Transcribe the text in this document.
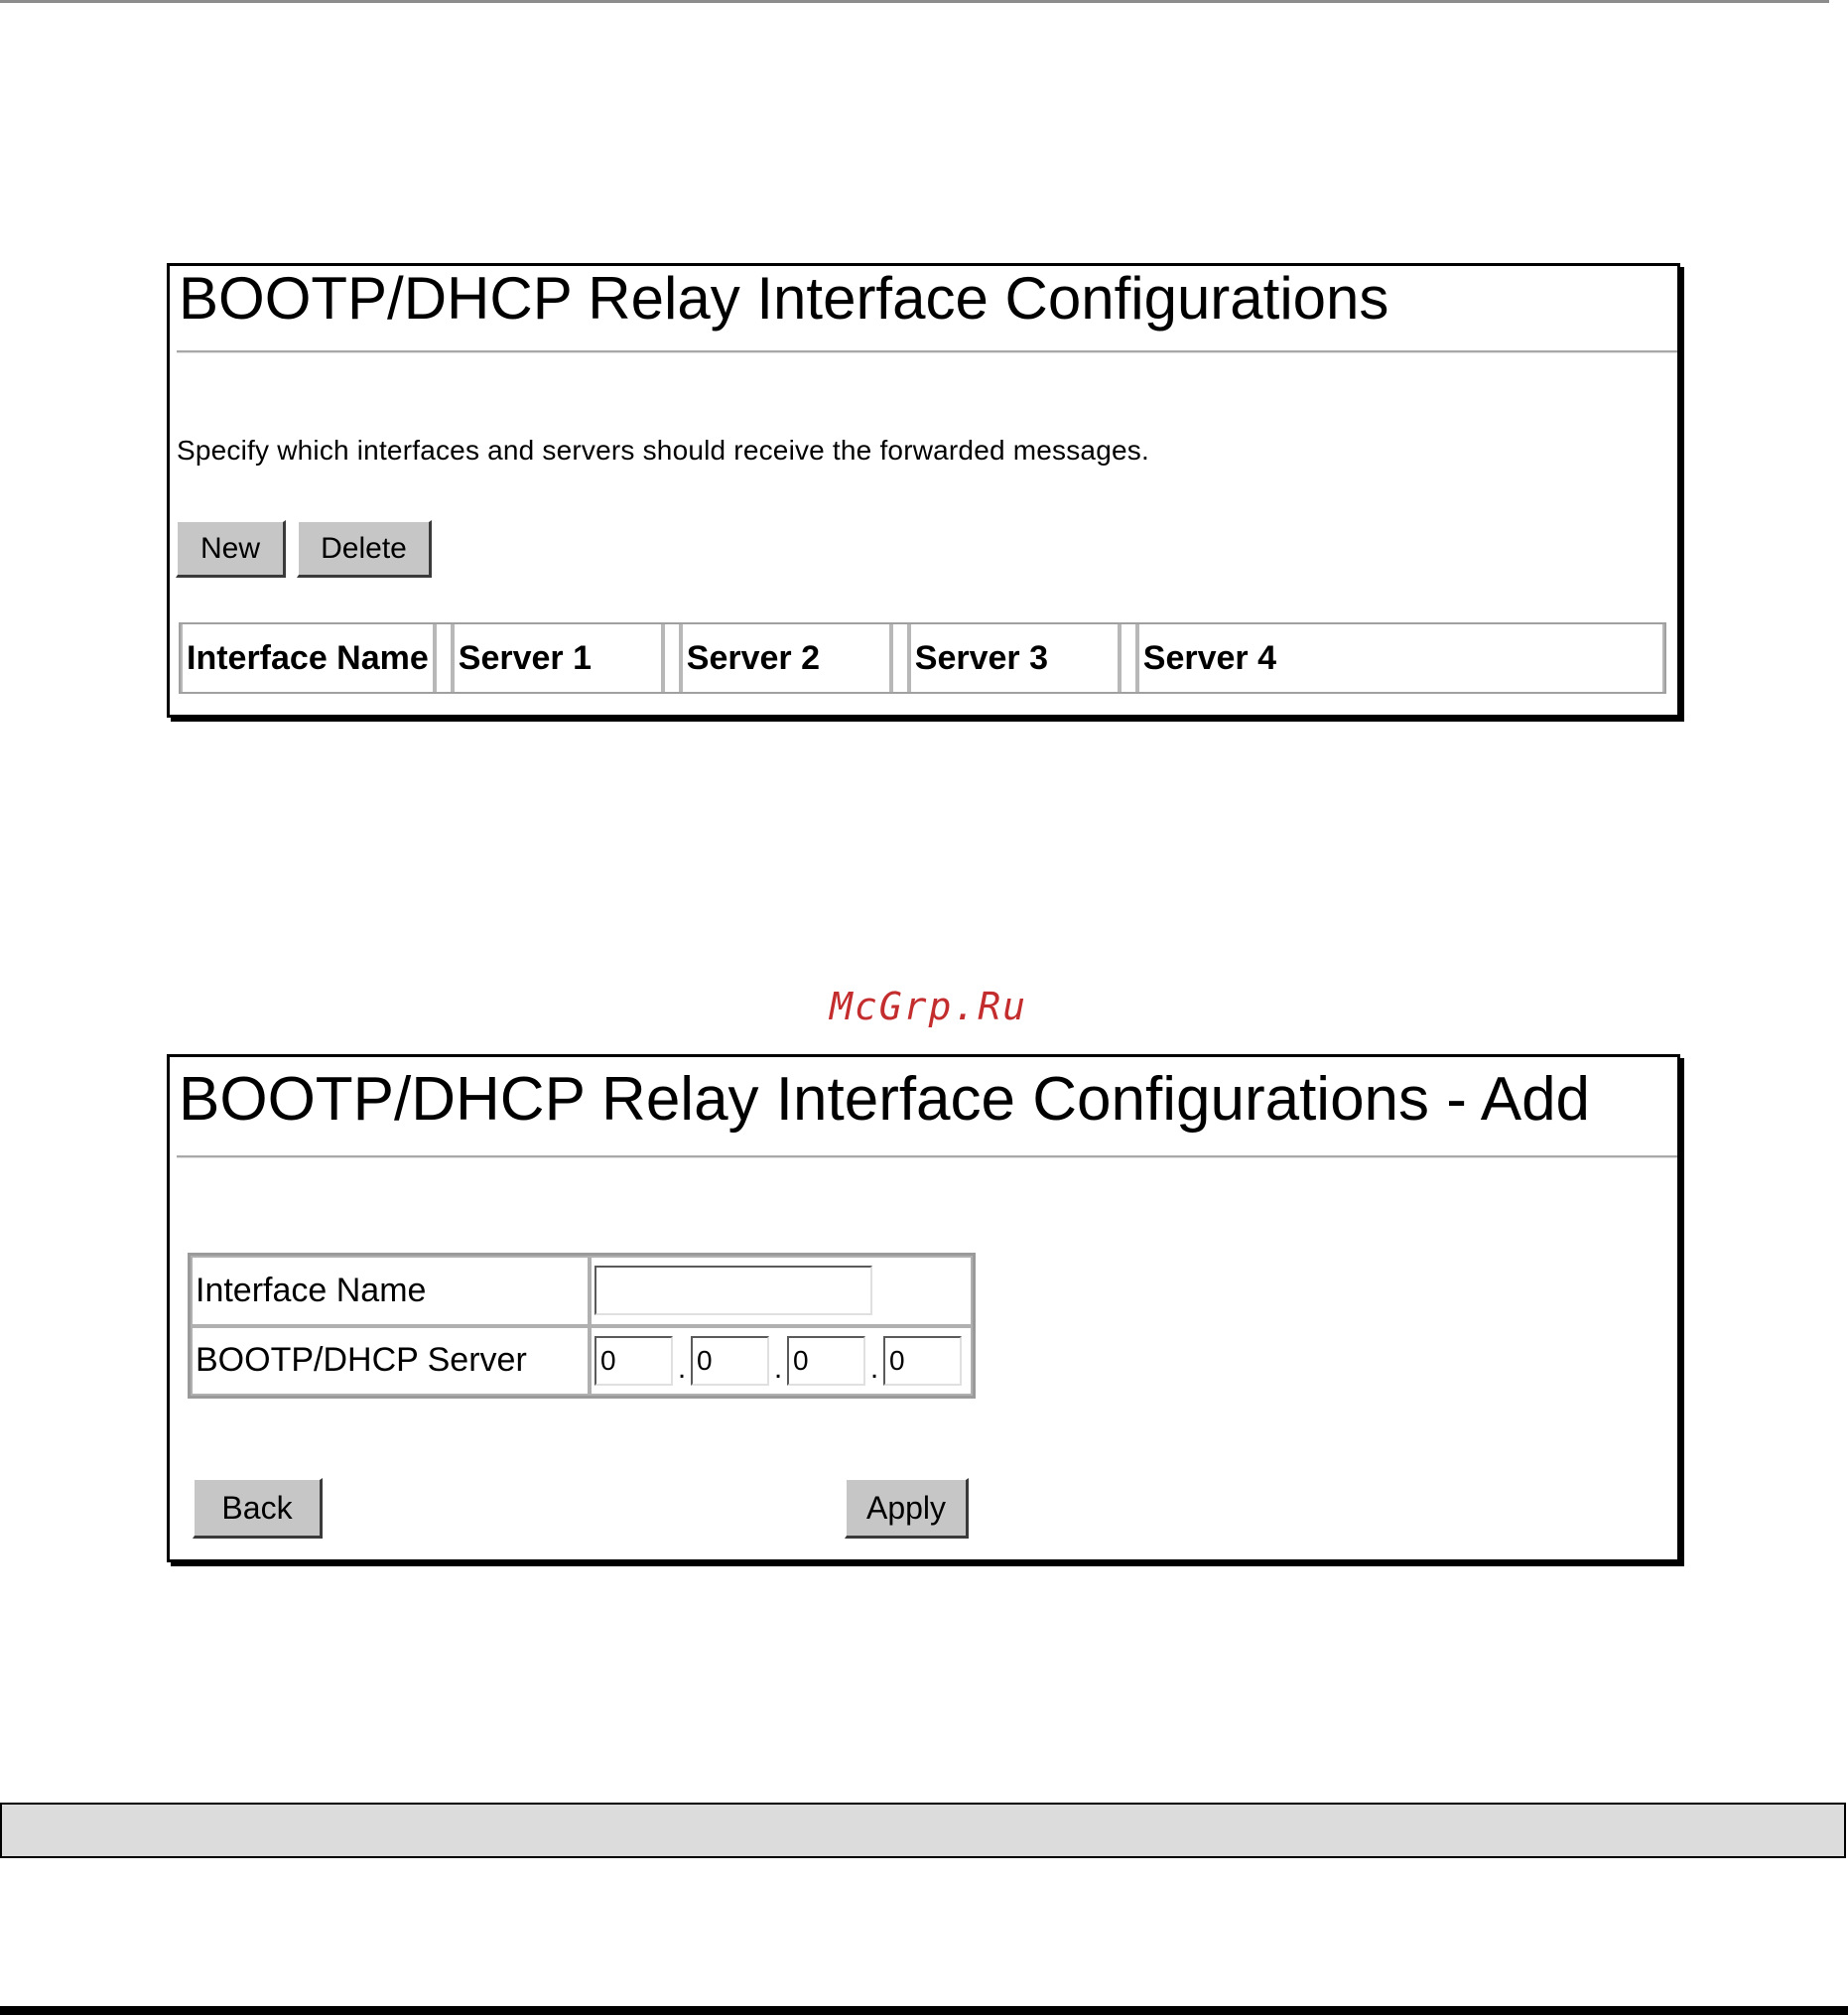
BOOTP/DHCP Relay Interface Configurations
Specify which interfaces and servers should receive the forwarded messages.
New	Delete
Interface Name		Server 1		Server 2		Server 3		Server 4
McGrp.Ru
BOOTP/DHCP Relay Interface Configurations - Add
Interface Name	
BOOTP/DHCP Server	0.0 .0 .0
Back	Apply
